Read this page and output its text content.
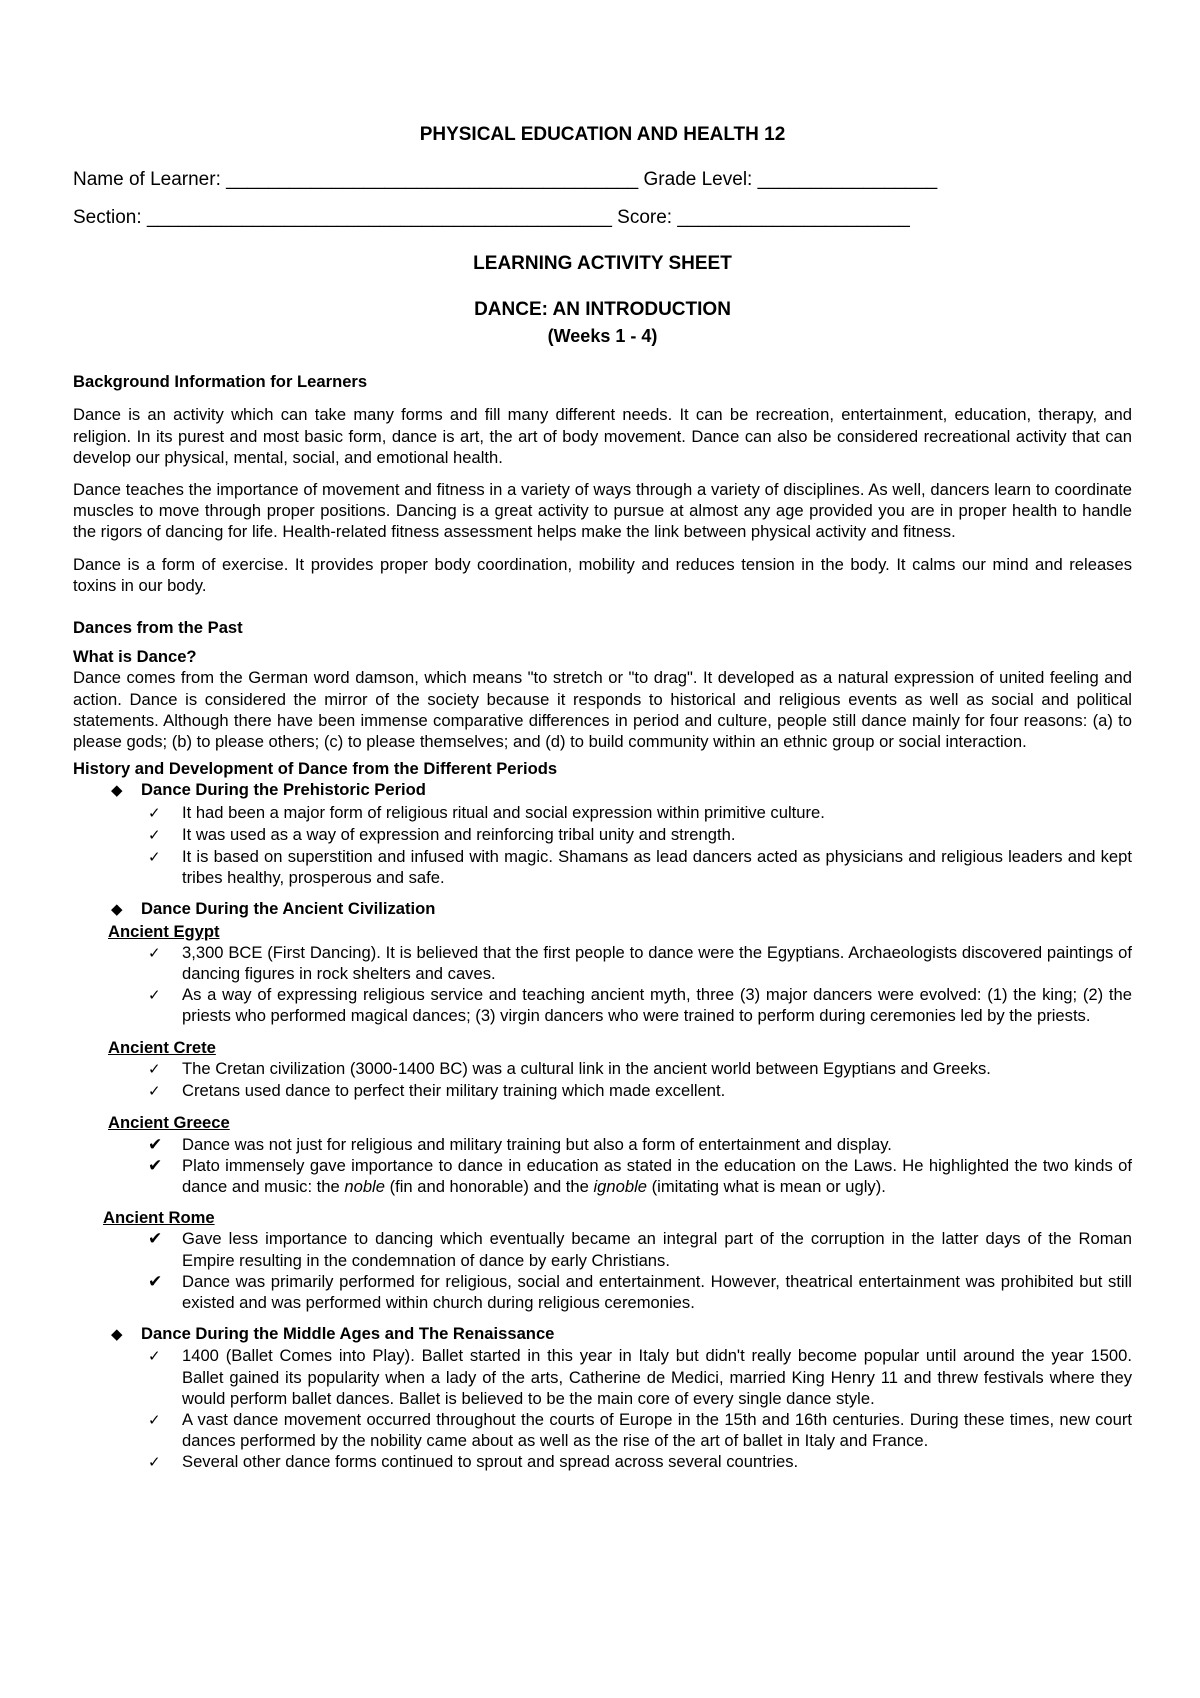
PHYSICAL EDUCATION AND HEALTH 12
Name of Learner: _______________________________________ Grade Level: _________________
Section: ____________________________________________ Score: ______________________
LEARNING ACTIVITY SHEET
DANCE: AN INTRODUCTION
(Weeks 1 - 4)
Background Information for Learners

Dance is an activity which can take many forms and fill many different needs. It can be recreation, entertainment, education, therapy, and religion. In its purest and most basic form, dance is art, the art of body movement. Dance can also be considered recreational activity that can develop our physical, mental, social, and emotional health.

Dance teaches the importance of movement and fitness in a variety of ways through a variety of disciplines. As well, dancers learn to coordinate muscles to move through proper positions. Dancing is a great activity to pursue at almost any age provided you are in proper health to handle the rigors of dancing for life. Health-related fitness assessment helps make the link between physical activity and fitness.

Dance is a form of exercise. It provides proper body coordination, mobility and reduces tension in the body. It calms our mind and releases toxins in our body.

Dances from the Past
What is Dance?

Dance comes from the German word damson, which means "to stretch or "to drag". It developed as a natural expression of united feeling and action. Dance is considered the mirror of the society because it responds to historical and religious events as well as social and political statements. Although there have been immense comparative differences in period and culture, people still dance mainly for four reasons: (a) to please gods; (b) to please others; (c) to please themselves; and (d) to build community within an ethnic group or social interaction.

History and Development of Dance from the Different Periods
◆	Dance During the Prehistoric Period
✓	It had been a major form of religious ritual and social expression within primitive culture.
✓	It was used as a way of expression and reinforcing tribal unity and strength.
✓	It is based on superstition and infused with magic. Shamans as lead dancers acted as physicians and religious leaders and kept tribes healthy, prosperous and safe.
◆	Dance During the Ancient Civilization
Ancient Egypt
✓	3,300 BCE (First Dancing). It is believed that the first people to dance were the Egyptians. Archaeologists discovered paintings of dancing figures in rock shelters and caves.
✓	As a way of expressing religious service and teaching ancient myth, three (3) major dancers were evolved: (1) the king; (2) the priests who performed magical dances; (3) virgin dancers who were trained to perform during ceremonies led by the priests.
Ancient Crete
✓	The Cretan civilization (3000-1400 BC) was a cultural link in the ancient world between Egyptians and Greeks.
✓	Cretans used dance to perfect their military training which made excellent.
Ancient Greece
✔	Dance was not just for religious and military training but also a form of entertainment and display.
✔	Plato immensely gave importance to dance in education as stated in the education on the Laws. He highlighted the two kinds of dance and music: the noble (fin and honorable) and the ignoble (imitating what is mean or ugly).
Ancient Rome
✔	Gave less importance to dancing which eventually became an integral part of the corruption in the latter days of the Roman Empire resulting in the condemnation of dance by early Christians.
✔	Dance was primarily performed for religious, social and entertainment. However, theatrical entertainment was prohibited but still existed and was performed within church during religious ceremonies.
◆	Dance During the Middle Ages and The Renaissance
✓	1400 (Ballet Comes into Play). Ballet started in this year in Italy but didn't really become popular until around the year 1500. Ballet gained its popularity when a lady of the arts, Catherine de Medici, married King Henry 11 and threw festivals where they would perform ballet dances. Ballet is believed to be the main core of every single dance style.
✓	A vast dance movement occurred throughout the courts of Europe in the 15th and 16th centuries. During these times, new court dances performed by the nobility came about as well as the rise of the art of ballet in Italy and France.
✓	Several other dance forms continued to sprout and spread across several countries.
